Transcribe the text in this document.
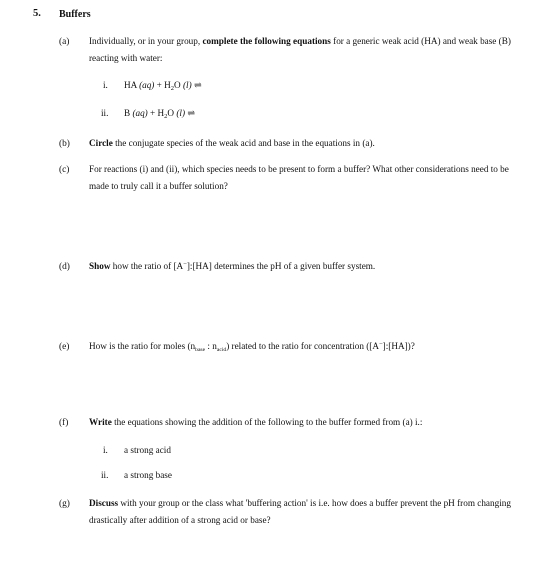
5. Buffers
(a) Individually, or in your group, complete the following equations for a generic weak acid (HA) and weak base (B) reacting with water:
i. HA $(aq) + H_2O$ (l) ⇌
ii. B $(aq) + H_2O$ (l) ⇌
(b) Circle the conjugate species of the weak acid and base in the equations in (a).
(c) For reactions (i) and (ii), which species needs to be present to form a buffer? What other considerations need to be made to truly call it a buffer solution?
(d) Show how the ratio of [A−]:[HA] determines the pH of a given buffer system.
(e) How is the ratio for moles ($n_{base}$ : $n_{acid}$) related to the ratio for concentration ([A−]:[HA])?
(f) Write the equations showing the addition of the following to the buffer formed from (a) i.:
i. a strong acid
ii. a strong base
(g) Discuss with your group or the class what 'buffering action' is i.e. how does a buffer prevent the pH from changing drastically after addition of a strong acid or base?
